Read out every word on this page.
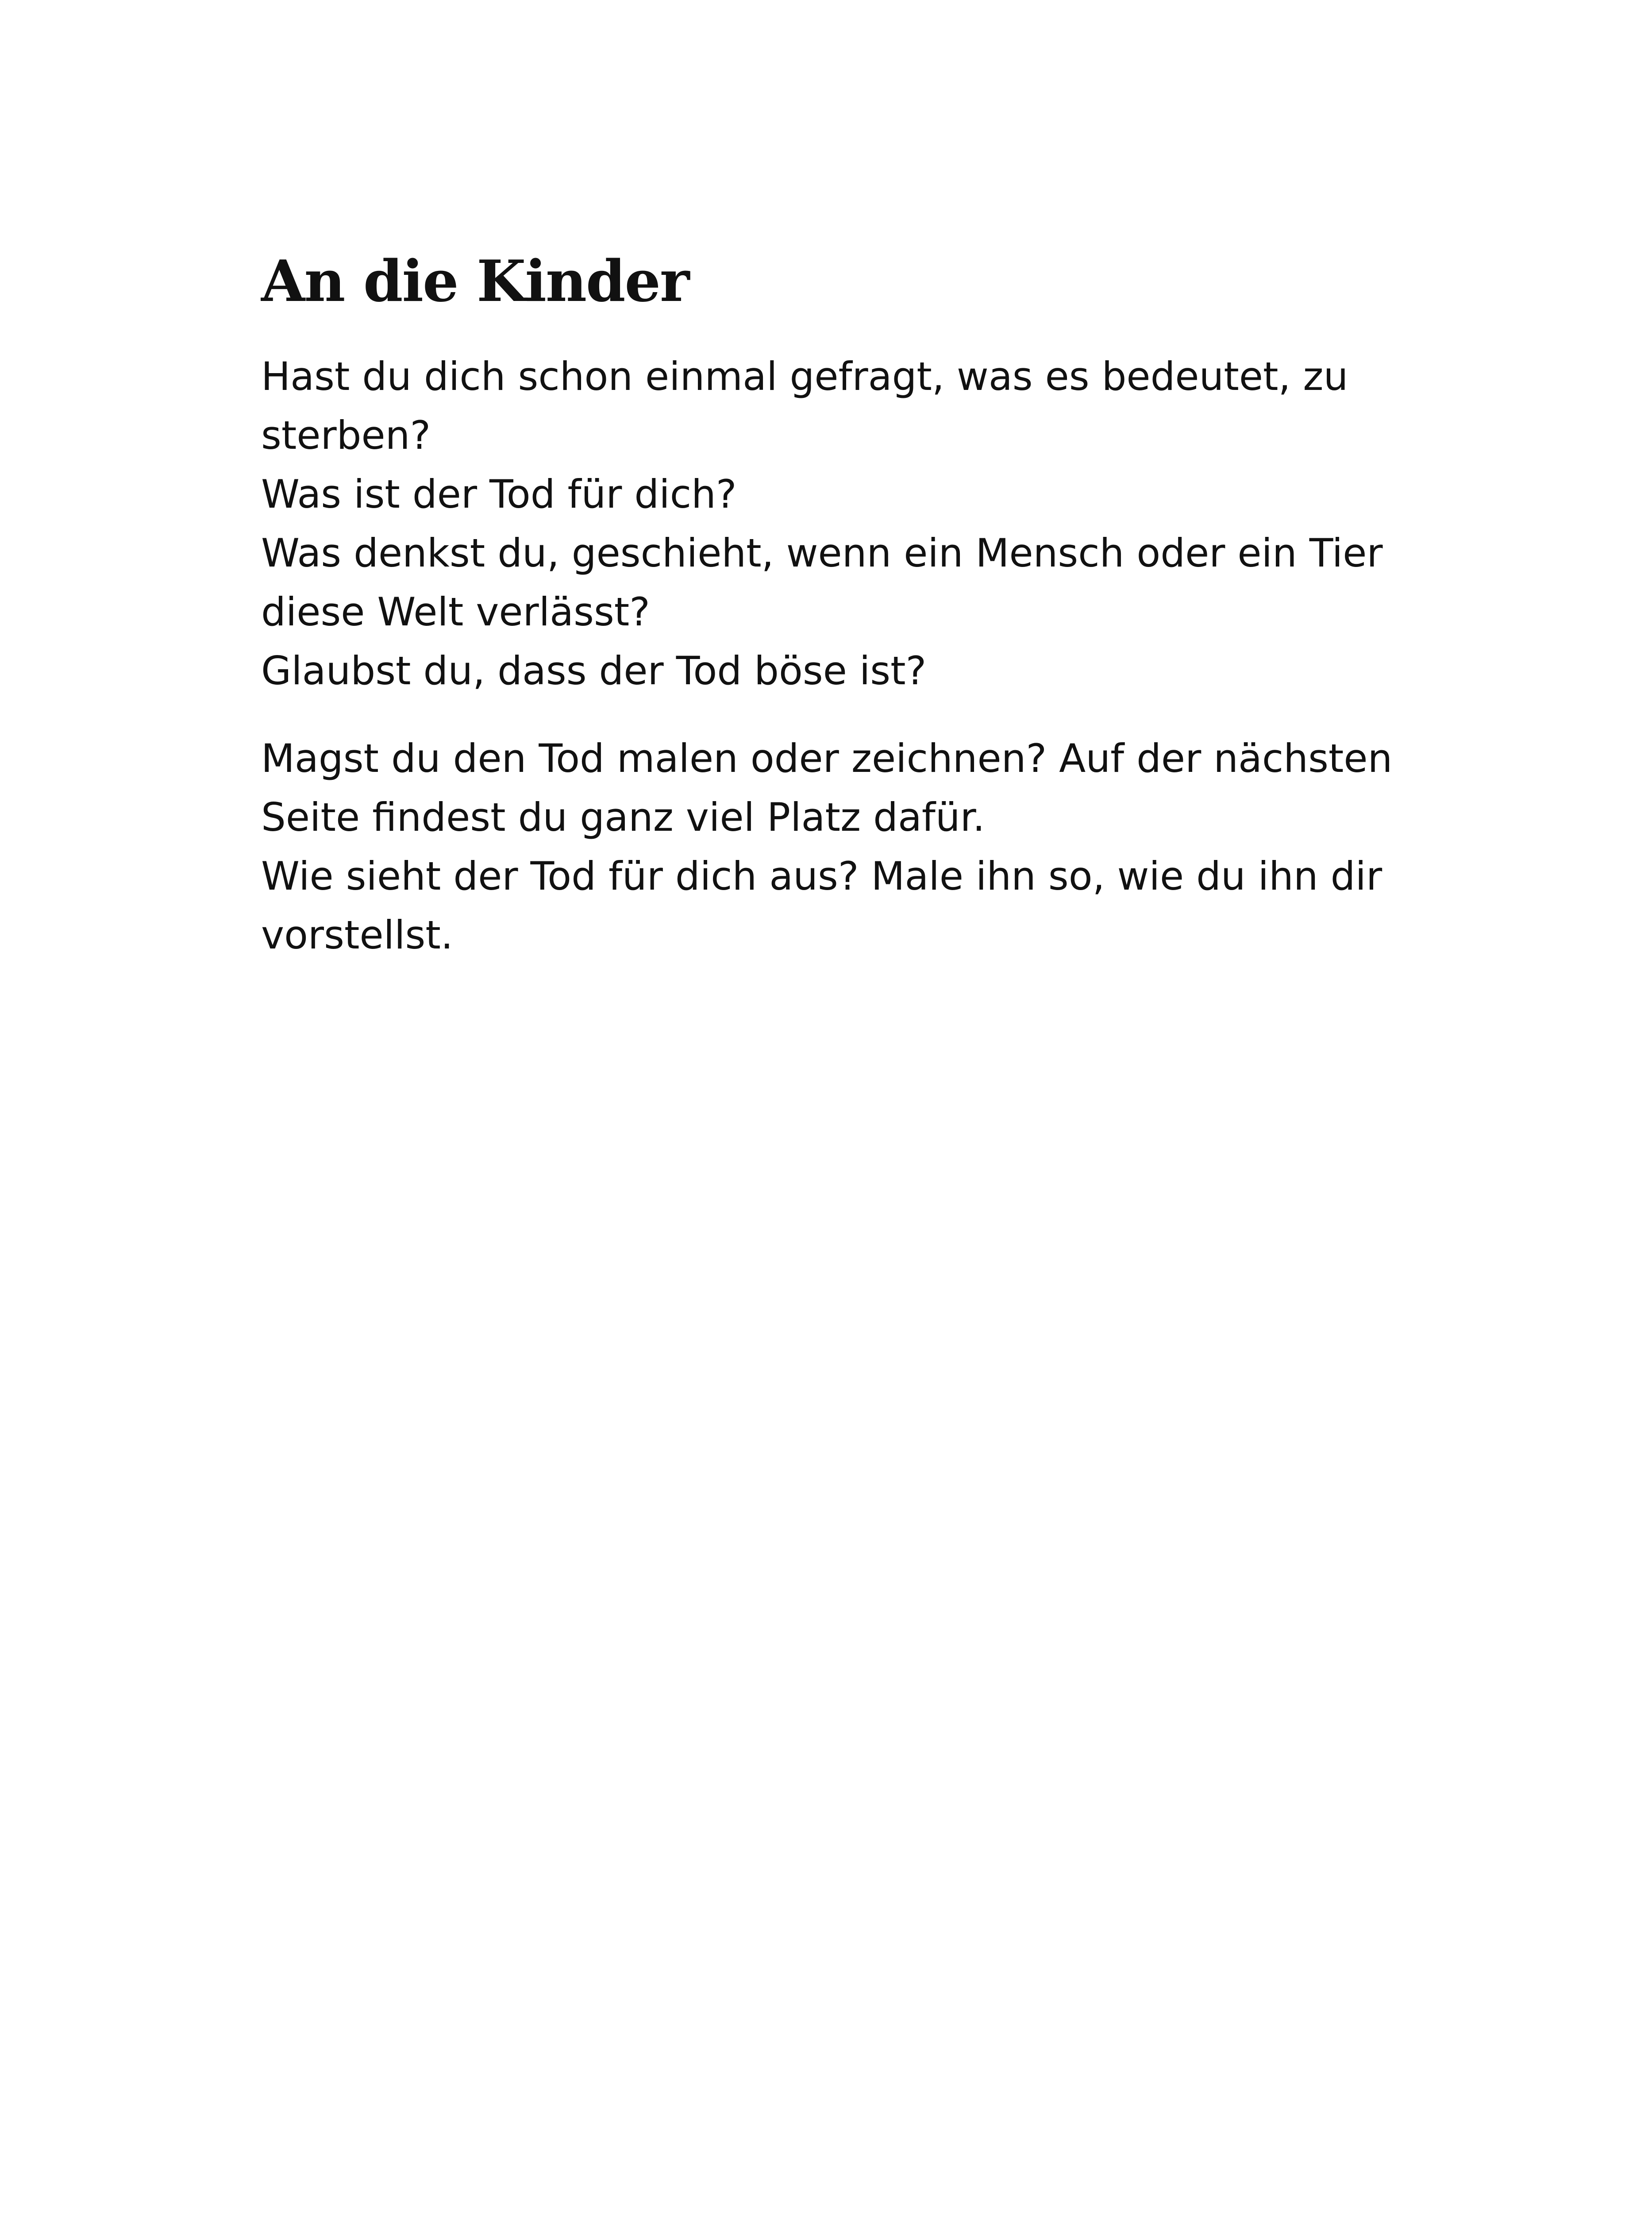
An die Kinder

Hast du dich schon einmal gefragt, was es bedeutet, zu sterben?
Was ist der Tod für dich?
Was denkst du, geschieht, wenn ein Mensch oder ein Tier diese Welt verlässt?
Glaubst du, dass der Tod böse ist?

Magst du den Tod malen oder zeichnen? Auf der nächsten Seite findest du ganz viel Platz dafür.
Wie sieht der Tod für dich aus? Male ihn so, wie du ihn dir vorstellst.
